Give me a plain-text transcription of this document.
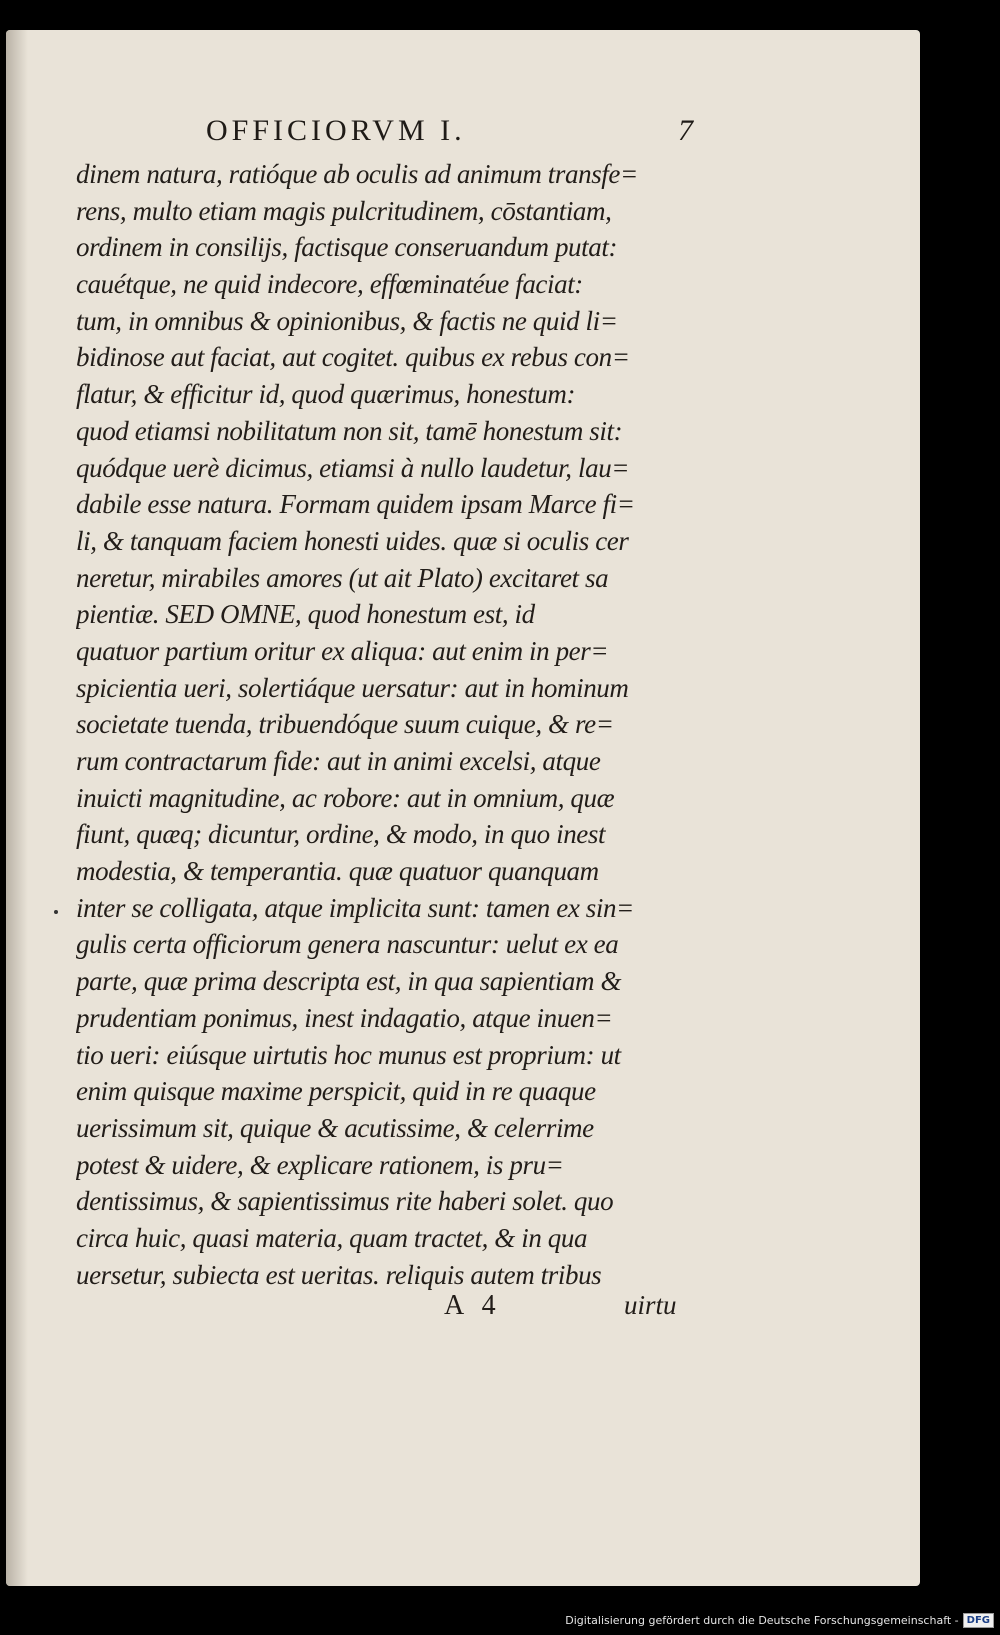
OFFICIORVM I.	7
dinem natura, ratióque ab oculis ad animum transfe=
rens, multo etiam magis pulcritudinem, cōstantiam,
ordinem in consilijs, factisque conseruandum putat:
cauétque, ne quid indecore, effœminatéue faciat:
tum, in omnibus & opinionibus, & factis ne quid li=
bidinose aut faciat, aut cogitet. quibus ex rebus con=
flatur, & efficitur id, quod quærimus, honestum:
quod etiamsi nobilitatum non sit, tamē honestum sit:
quódque uerè dicimus, etiamsi à nullo laudetur, lau=
dabile esse natura. Formam quidem ipsam Marce fi=
li, & tanquam faciem honesti uides. quæ si oculis cer
neretur, mirabiles amores (ut ait Plato) excitaret sa
pientiæ. SED OMNE, quod honestum est, id
quatuor partium oritur ex aliqua: aut enim in per=
spicientia ueri, solertiáque uersatur: aut in hominum
societate tuenda, tribuendóque suum cuique, & re=
rum contractarum fide: aut in animi excelsi, atque
inuicti magnitudine, ac robore: aut in omnium, quæ
fiunt, quæq; dicuntur, ordine, & modo, in quo inest
modestia, & temperantia. quæ quatuor quanquam
inter se colligata, atque implicita sunt: tamen ex sin=
gulis certa officiorum genera nascuntur: uelut ex ea
parte, quæ prima descripta est, in qua sapientiam &
prudentiam ponimus, inest indagatio, atque inuen=
tio ueri: eiúsque uirtutis hoc munus est proprium: ut
enim quisque maxime perspicit, quid in re quaque
uerissimum sit, quique & acutissime, & celerrime
potest & uidere, & explicare rationem, is pru=
dentissimus, & sapientissimus rite haberi solet. quo
circa huic, quasi materia, quam tractet, & in qua
uersetur, subiecta est ueritas. reliquis autem tribus
A 4	uirtu
Digitalisierung gefördert durch die Deutsche Forschungsgemeinschaft - DFG
